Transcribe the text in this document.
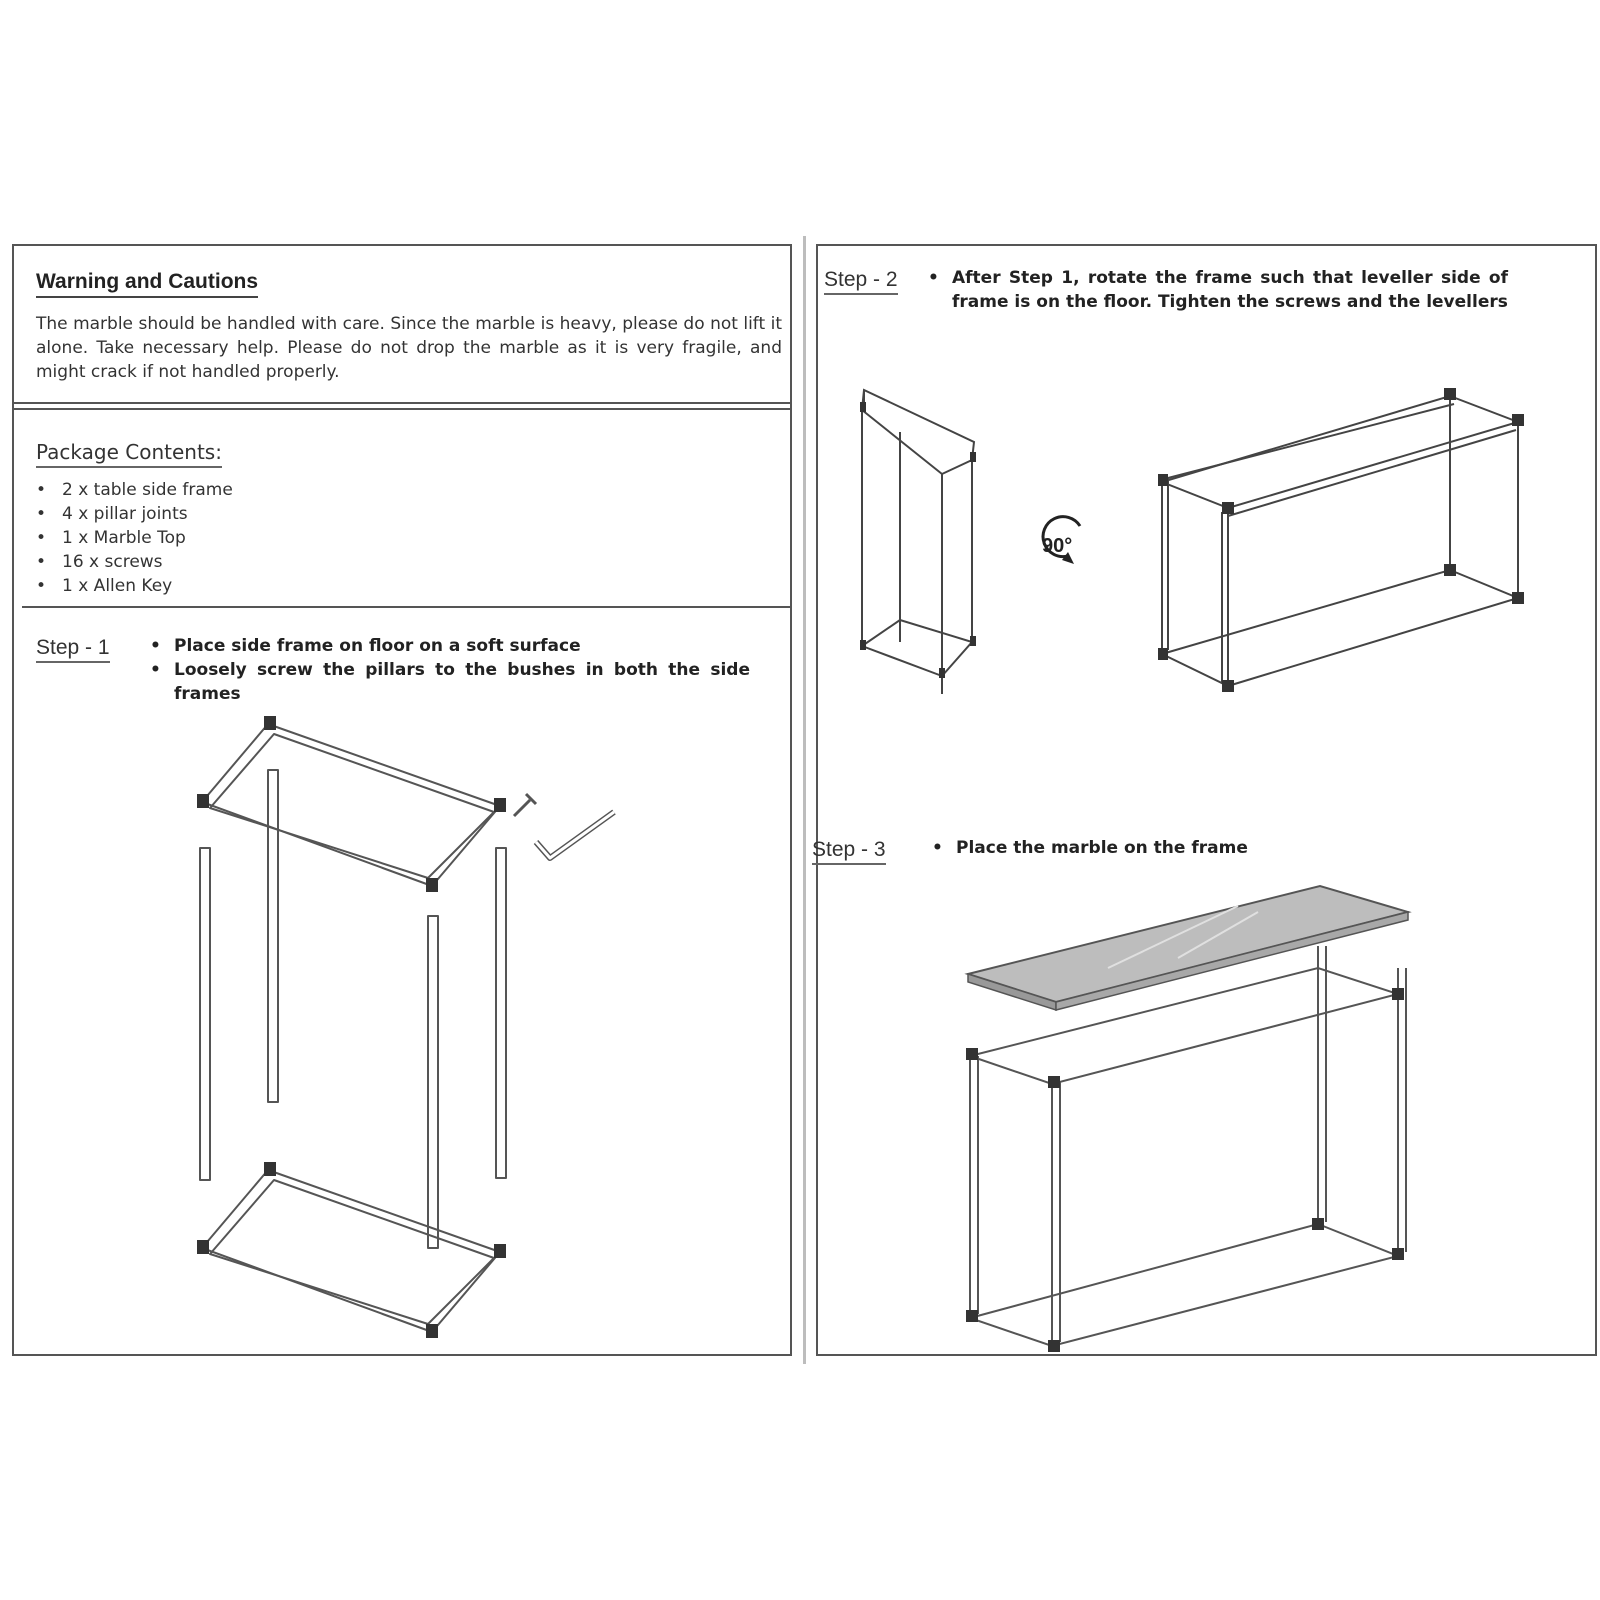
Warning and Cautions
The marble should be handled with care. Since the marble is heavy, please do not lift it alone. Take necessary help. Please do not drop the marble as it is very fragile, and might crack if not handled properly.
Package Contents:
• 2 x table side frame
• 4 x pillar joints
• 1 x Marble Top
• 16 x screws
• 1 x Allen Key
Step - 1 • Place side frame on floor on a soft surface
• Loosely screw the pillars to the bushes in both the side frames
Step - 2 • After Step 1, rotate the frame such that leveller side of frame is on the floor. Tighten the screws and the levellers
Step - 3	• Place the marble on the frame
90°
